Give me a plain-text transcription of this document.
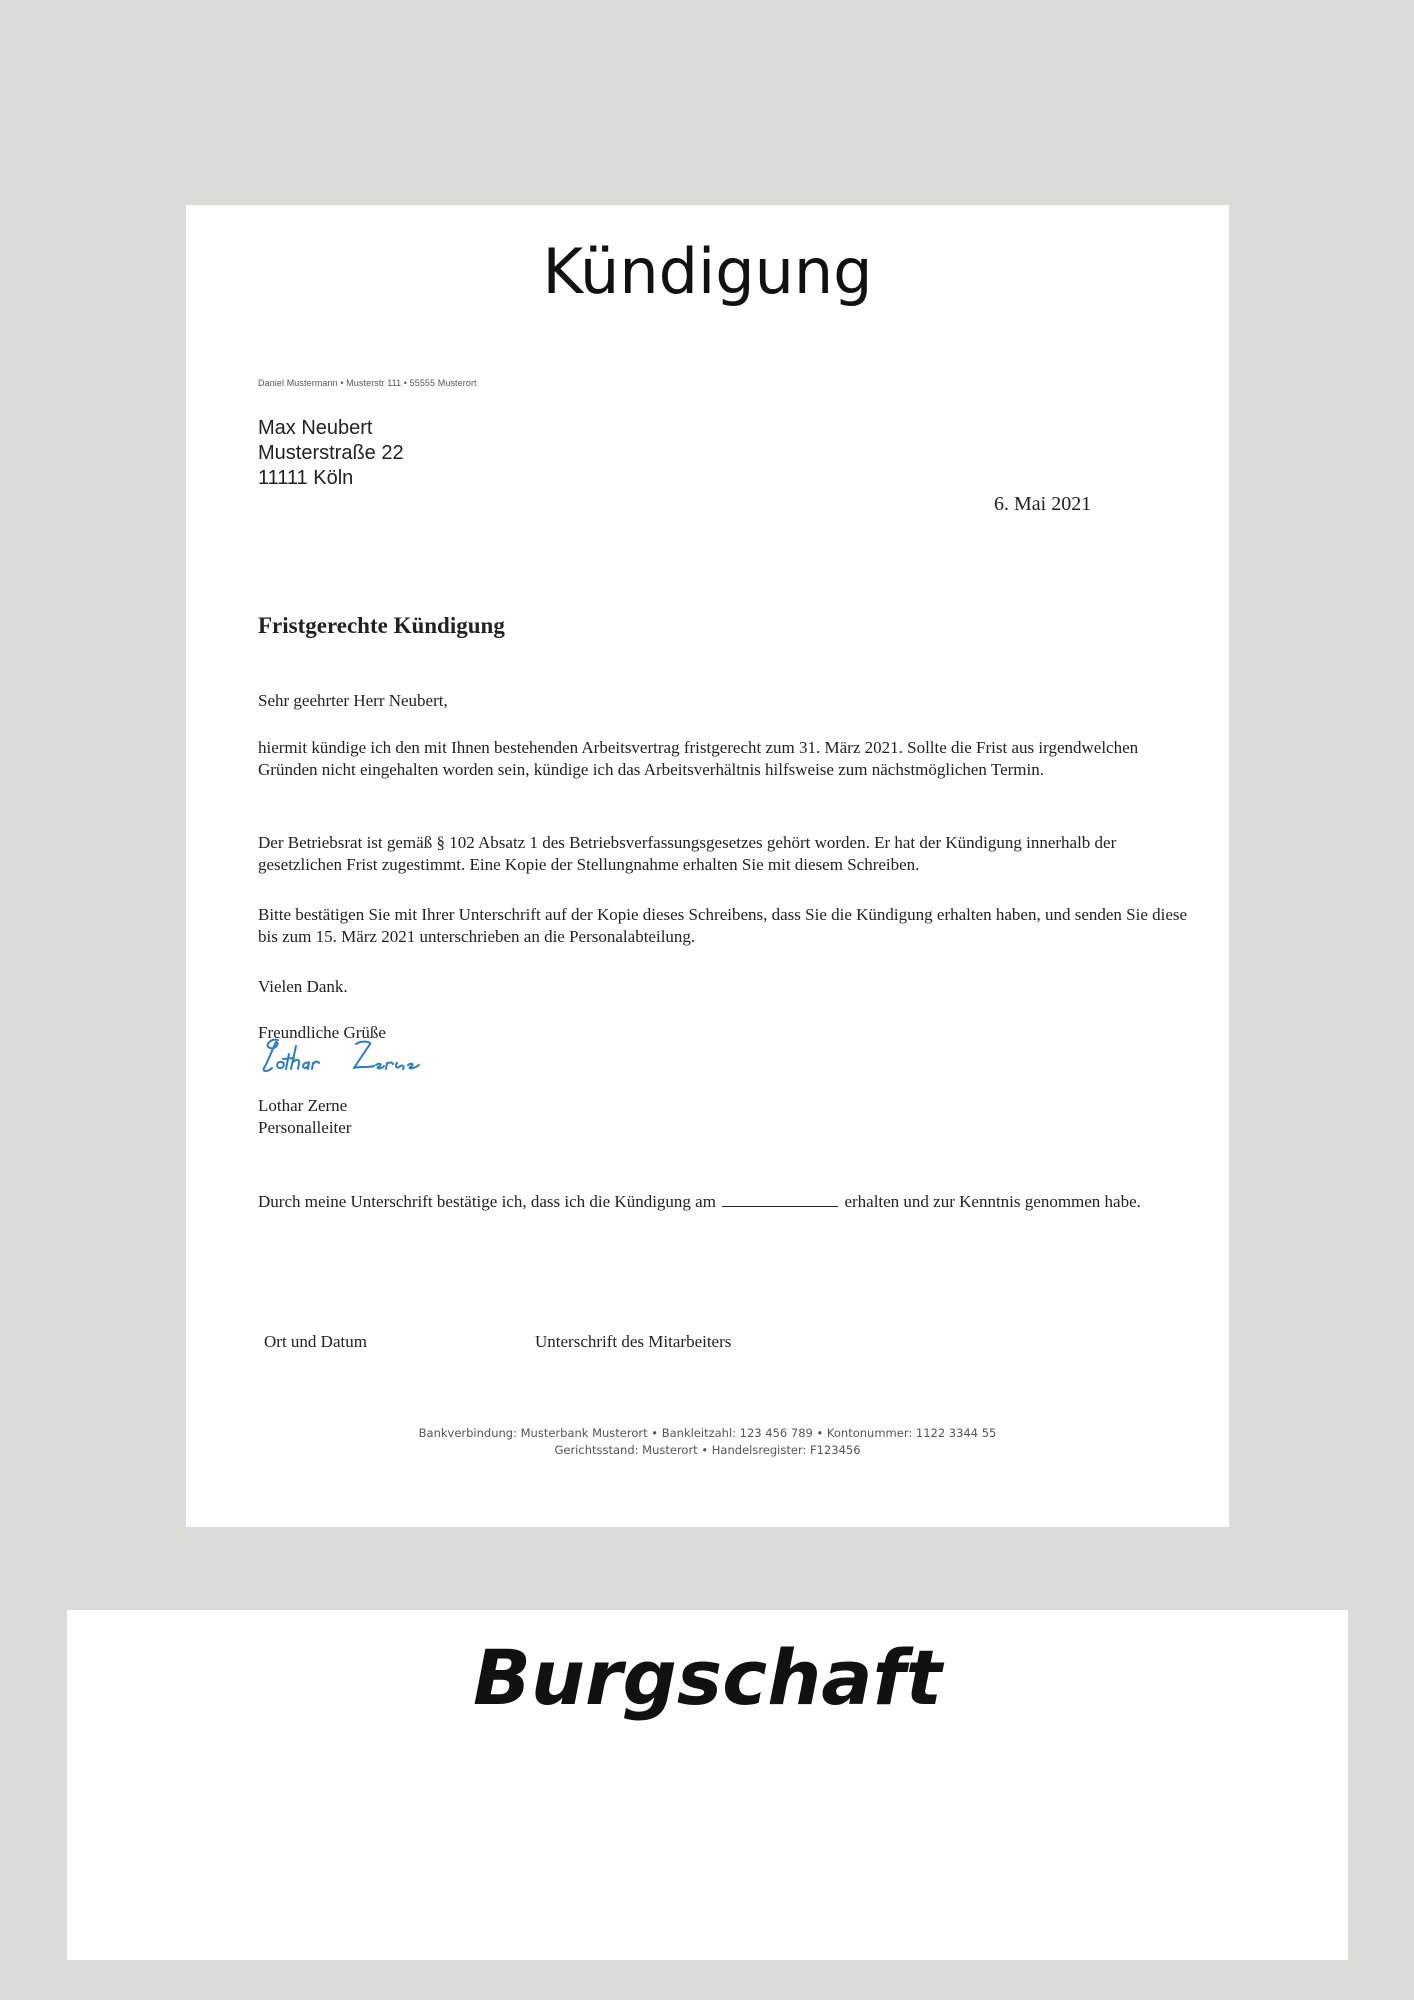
Kündigung
Daniel Mustermann • Musterstr 111 • 55555 Musterort
Max Neubert
Musterstraße 22
11111 Köln
6. Mai 2021
Fristgerechte Kündigung
Sehr geehrter Herr Neubert,
hiermit kündige ich den mit Ihnen bestehenden Arbeitsvertrag fristgerecht zum 31. März 2021. Sollte die Frist aus irgendwelchen Gründen nicht eingehalten worden sein, kündige ich das Arbeitsverhältnis hilfsweise zum nächstmöglichen Termin.
Der Betriebsrat ist gemäß § 102 Absatz 1 des Betriebsverfassungsgesetzes gehört worden. Er hat der Kündigung innerhalb der gesetzlichen Frist zugestimmt. Eine Kopie der Stellungnahme erhalten Sie mit diesem Schreiben.
Bitte bestätigen Sie mit Ihrer Unterschrift auf der Kopie dieses Schreibens, dass Sie die Kündigung erhalten haben, und senden Sie diese bis zum 15. März 2021 unterschrieben an die Personalabteilung.
Vielen Dank.
Freundliche Grüße
Lothar Zerne
Personalleiter
Durch meine Unterschrift bestätige ich, dass ich die Kündigung am	erhalten und zur Kenntnis genommen habe.
Ort und Datum	Unterschrift des Mitarbeiters
Bankverbindung: Musterbank Musterort • Bankleitzahl: 123 456 789 • Kontonummer: 1122 3344 55
Gerichtsstand: Musterort • Handelsregister: F123456
Burgschaft
